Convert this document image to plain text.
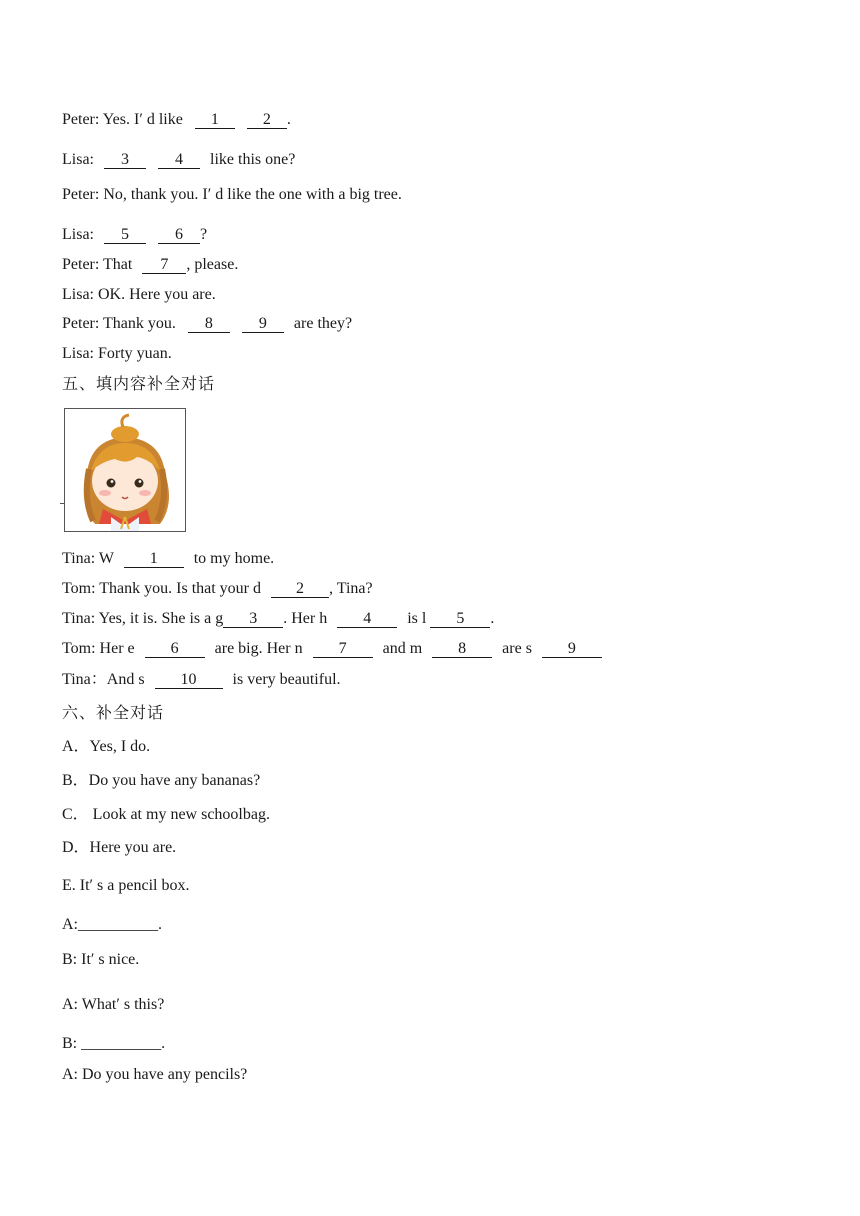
Peter: Yes. I′ d like 1	2 .
Lisa: 3	4 like this one?
Peter: No, thank you. I′ d like the one with a big tree.
Lisa: 5	6 ?
Peter: That 7 , please.
Lisa: OK. Here you are.
Peter: Thank you. 8	9 are they?
Lisa: Forty yuan.
五、填内容补全对话
Tina: W 1 to my home.
Tom: Thank you. Is that your d 2 , Tina?
Tina: Yes, it is. She is a g 3 . Her h 4 is l 5 .
Tom: Her e 6 are big. Her n 7 and m 8 are s 9
Tina：And s 10 is very beautiful.
六、补全对话
A．Yes, I do.
B．Do you have any bananas?
C． Look at my new schoolbag.
D．Here you are.
E. It′ s a pencil box.
A:__________.
B: It′ s nice.
A: What′ s this?
B: __________.
A: Do you have any pencils?
